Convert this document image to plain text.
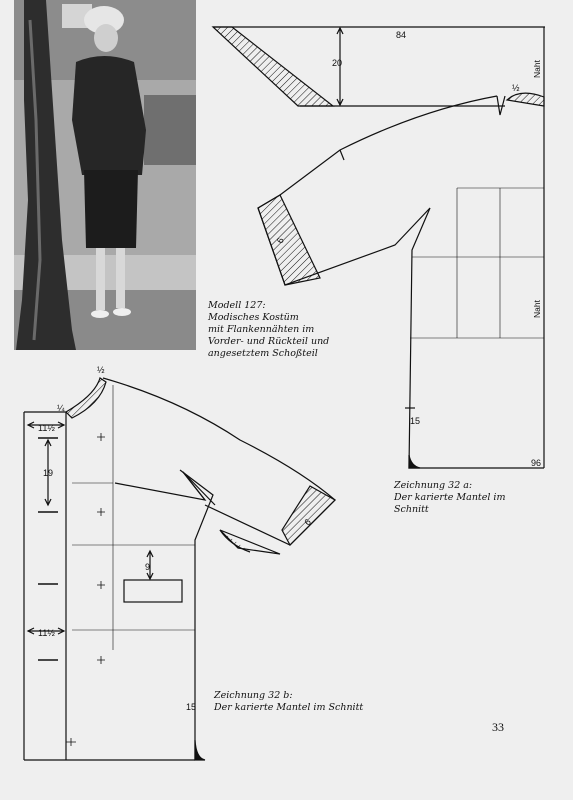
Modell 127:
Modisches Kostüm
mit Flankennähten im
Vorder- und Rückteil und
angesetztem Schoßteil
84
20	Naht
Naht
½
6
15
96
½
¼
11½
19
9
11½
6
15
Zeichnung 32 a:
Der karierte Mantel im
Schnitt
Zeichnung 32 b:
Der karierte Mantel im Schnitt
33
